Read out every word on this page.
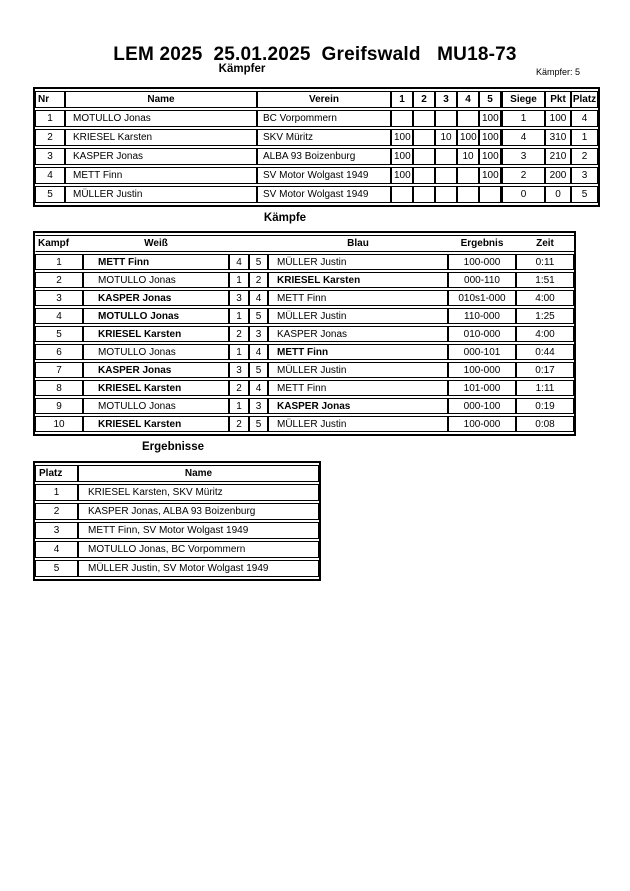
LEM 2025  25.01.2025  Greifswald   MU18-73
Kämpfer	Kämpfer: 5
Nr	Name	Verein	1	2	3	4	5	Siege	Pkt	Platz
1	MOTULLO Jonas	BC Vorpommern					100	1	100	4
2	KRIESEL Karsten	SKV Müritz	100		10	100	100	4	310	1
3	KASPER Jonas	ALBA 93 Boizenburg	100			10	100	3	210	2
4	METT Finn	SV Motor Wolgast 1949	100				100	2	200	3
5	MÜLLER Justin	SV Motor Wolgast 1949						0	0	5
Kämpfe
Kampf	Weiß			Blau	Ergebnis	Zeit
1	METT Finn	4	5	MÜLLER Justin	100-000	0:11
2	MOTULLO Jonas	1	2	KRIESEL Karsten	000-110	1:51
3	KASPER Jonas	3	4	METT Finn	010s1-000	4:00
4	MOTULLO Jonas	1	5	MÜLLER Justin	110-000	1:25
5	KRIESEL Karsten	2	3	KASPER Jonas	010-000	4:00
6	MOTULLO Jonas	1	4	METT Finn	000-101	0:44
7	KASPER Jonas	3	5	MÜLLER Justin	100-000	0:17
8	KRIESEL Karsten	2	4	METT Finn	101-000	1:11
9	MOTULLO Jonas	1	3	KASPER Jonas	000-100	0:19
10	KRIESEL Karsten	2	5	MÜLLER Justin	100-000	0:08
Ergebnisse
Platz	Name
1	KRIESEL Karsten, SKV Müritz
2	KASPER Jonas, ALBA 93 Boizenburg
3	METT Finn, SV Motor Wolgast 1949
4	MOTULLO Jonas, BC Vorpommern
5	MÜLLER Justin, SV Motor Wolgast 1949
